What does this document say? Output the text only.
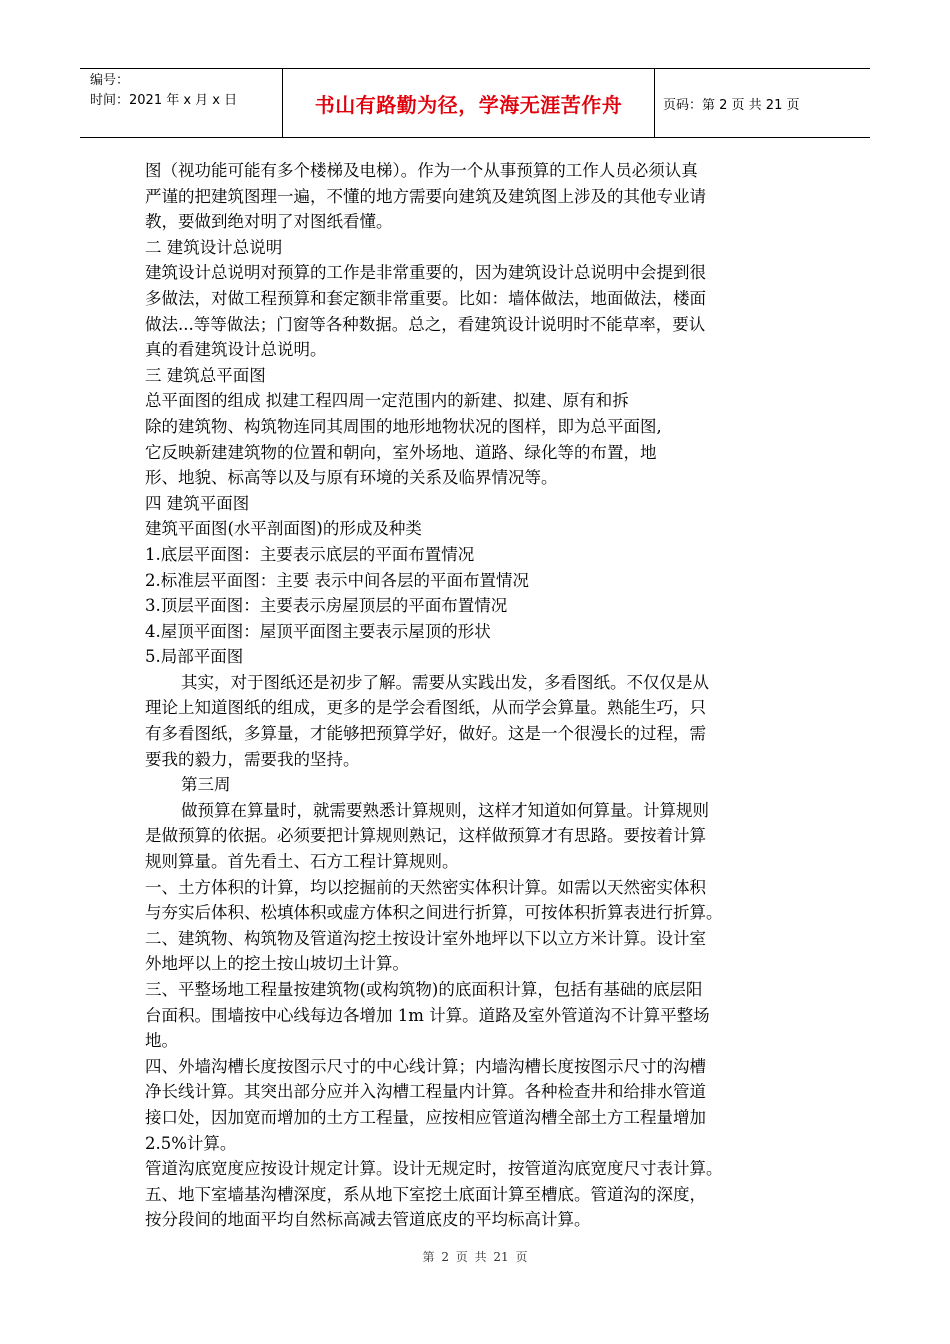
编号：
时间：2021 年 x 月 x 日	书山有路勤为径，学海无涯苦作舟	页码：第 2 页 共 21 页
图（视功能可能有多个楼梯及电梯）。作为一个从事预算的工作人员必须认真
严谨的把建筑图理一遍，不懂的地方需要向建筑及建筑图上涉及的其他专业请
教，要做到绝对明了对图纸看懂。
二 建筑设计总说明
建筑设计总说明对预算的工作是非常重要的，因为建筑设计总说明中会提到很
多做法，对做工程预算和套定额非常重要。比如：墙体做法，地面做法，楼面
做法...等等做法；门窗等各种数据。总之，看建筑设计说明时不能草率，要认
真的看建筑设计总说明。
三 建筑总平面图
总平面图的组成 拟建工程四周一定范围内的新建、拟建、原有和拆
除的建筑物、构筑物连同其周围的地形地物状况的图样，即为总平面图,
它反映新建建筑物的位置和朝向，室外场地、道路、绿化等的布置，地
形、地貌、标高等以及与原有环境的关系及临界情况等。
四 建筑平面图
建筑平面图(水平剖面图)的形成及种类
1.底层平面图：主要表示底层的平面布置情况
2.标准层平面图：主要 表示中间各层的平面布置情况
3.顶层平面图：主要表示房屋顶层的平面布置情况
4.屋顶平面图：屋顶平面图主要表示屋顶的形状
5.局部平面图
其实，对于图纸还是初步了解。需要从实践出发，多看图纸。不仅仅是从
理论上知道图纸的组成，更多的是学会看图纸，从而学会算量。熟能生巧，只
有多看图纸，多算量，才能够把预算学好，做好。这是一个很漫长的过程，需
要我的毅力，需要我的坚持。
第三周
做预算在算量时，就需要熟悉计算规则，这样才知道如何算量。计算规则
是做预算的依据。必须要把计算规则熟记，这样做预算才有思路。要按着计算
规则算量。首先看土、石方工程计算规则。
一、土方体积的计算，均以挖掘前的天然密实体积计算。如需以天然密实体积
与夯实后体积、松填体积或虚方体积之间进行折算，可按体积折算表进行折算。
二、建筑物、构筑物及管道沟挖土按设计室外地坪以下以立方米计算。设计室
外地坪以上的挖土按山坡切土计算。
三、平整场地工程量按建筑物(或构筑物)的底面积计算，包括有基础的底层阳
台面积。围墙按中心线每边各增加 1m 计算。道路及室外管道沟不计算平整场
地。
四、外墙沟槽长度按图示尺寸的中心线计算；内墙沟槽长度按图示尺寸的沟槽
净长线计算。其突出部分应并入沟槽工程量内计算。各种检查井和给排水管道
接口处，因加宽而增加的土方工程量，应按相应管道沟槽全部土方工程量增加
2.5%计算。
管道沟底宽度应按设计规定计算。设计无规定时，按管道沟底宽度尺寸表计算。
五、地下室墙基沟槽深度，系从地下室挖土底面计算至槽底。管道沟的深度，
按分段间的地面平均自然标高减去管道底皮的平均标高计算。
第 2 页 共 21 页
